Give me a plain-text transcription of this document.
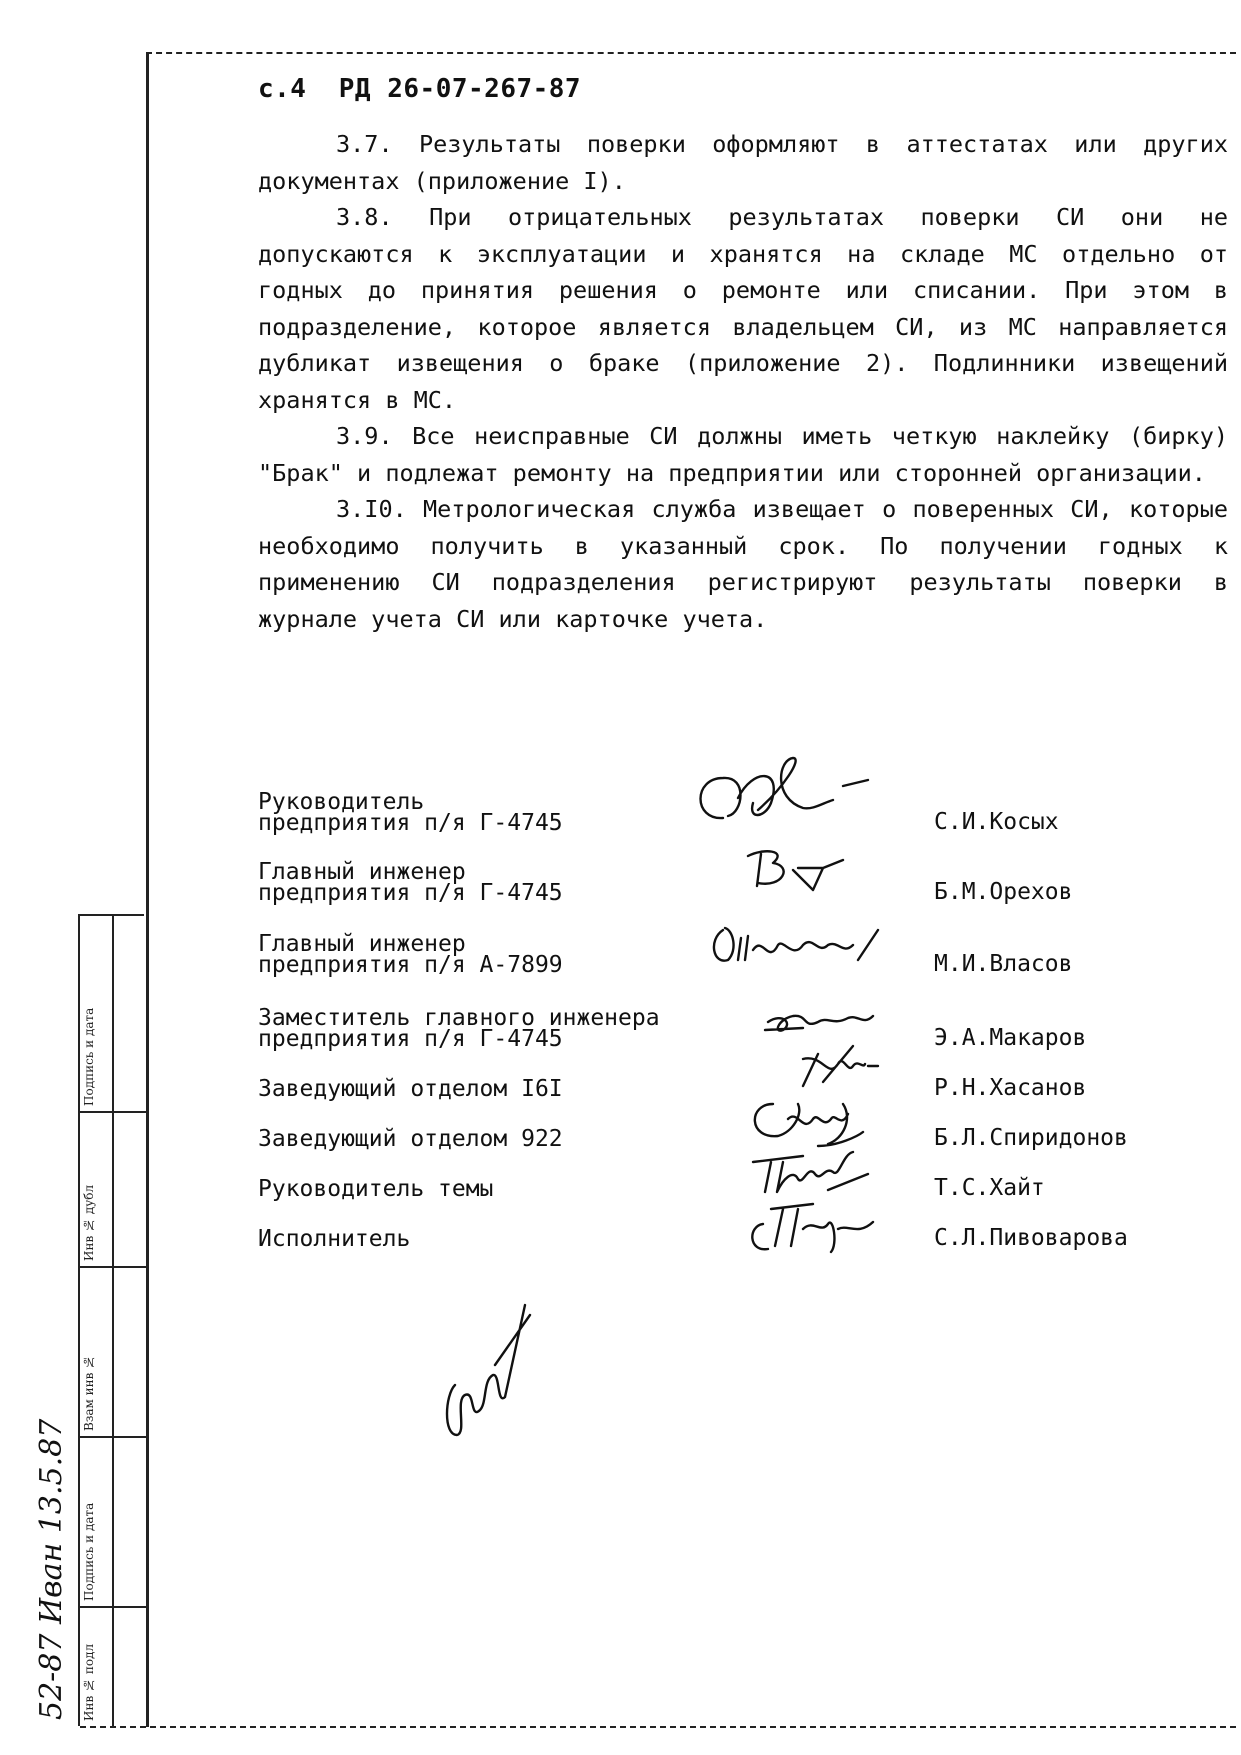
с.4 РД 26-07-267-87

3.7. Результаты поверки оформляют в аттестатах или других документах (приложение I).

3.8. При отрицательных результатах поверки СИ они не допускаются к эксплуатации и хранятся на складе МС отдельно от годных до принятия решения о ремонте или списании. При этом в подразделение, которое является владельцем СИ, из МС направляется дубликат извещения о браке (приложение 2). Подлинники извещений хранятся в МС.

3.9. Все неисправные СИ должны иметь четкую наклейку (бирку) "Брак" и подлежат ремонту на предприятии или сторонней организации.

3.I0. Метрологическая служба извещает о поверенных СИ, которые необходимо получить в указанный срок. По получении годных к применению СИ подразделения регистрируют результаты поверки в журнале учета СИ или карточке учета.

Руководитель
предприятия п/я Г-4745	С.И.Косых
Главный инженер
предприятия п/я Г-4745	Б.М.Орехов
Главный инженер
предприятия п/я А-7899	М.И.Власов
Заместитель главного инженера
предприятия п/я Г-4745	Э.А.Макаров
Заведующий отделом I6I	Р.Н.Хасанов
Заведующий отделом 922	Б.Л.Спиридонов
Руководитель темы	Т.С.Хайт
Исполнитель	С.Л.Пивоварова
Подпись и дата
Инв № дубл
Взам инв №
Подпись и дата
Инв № подл
52-87 Иван 13.5.87
